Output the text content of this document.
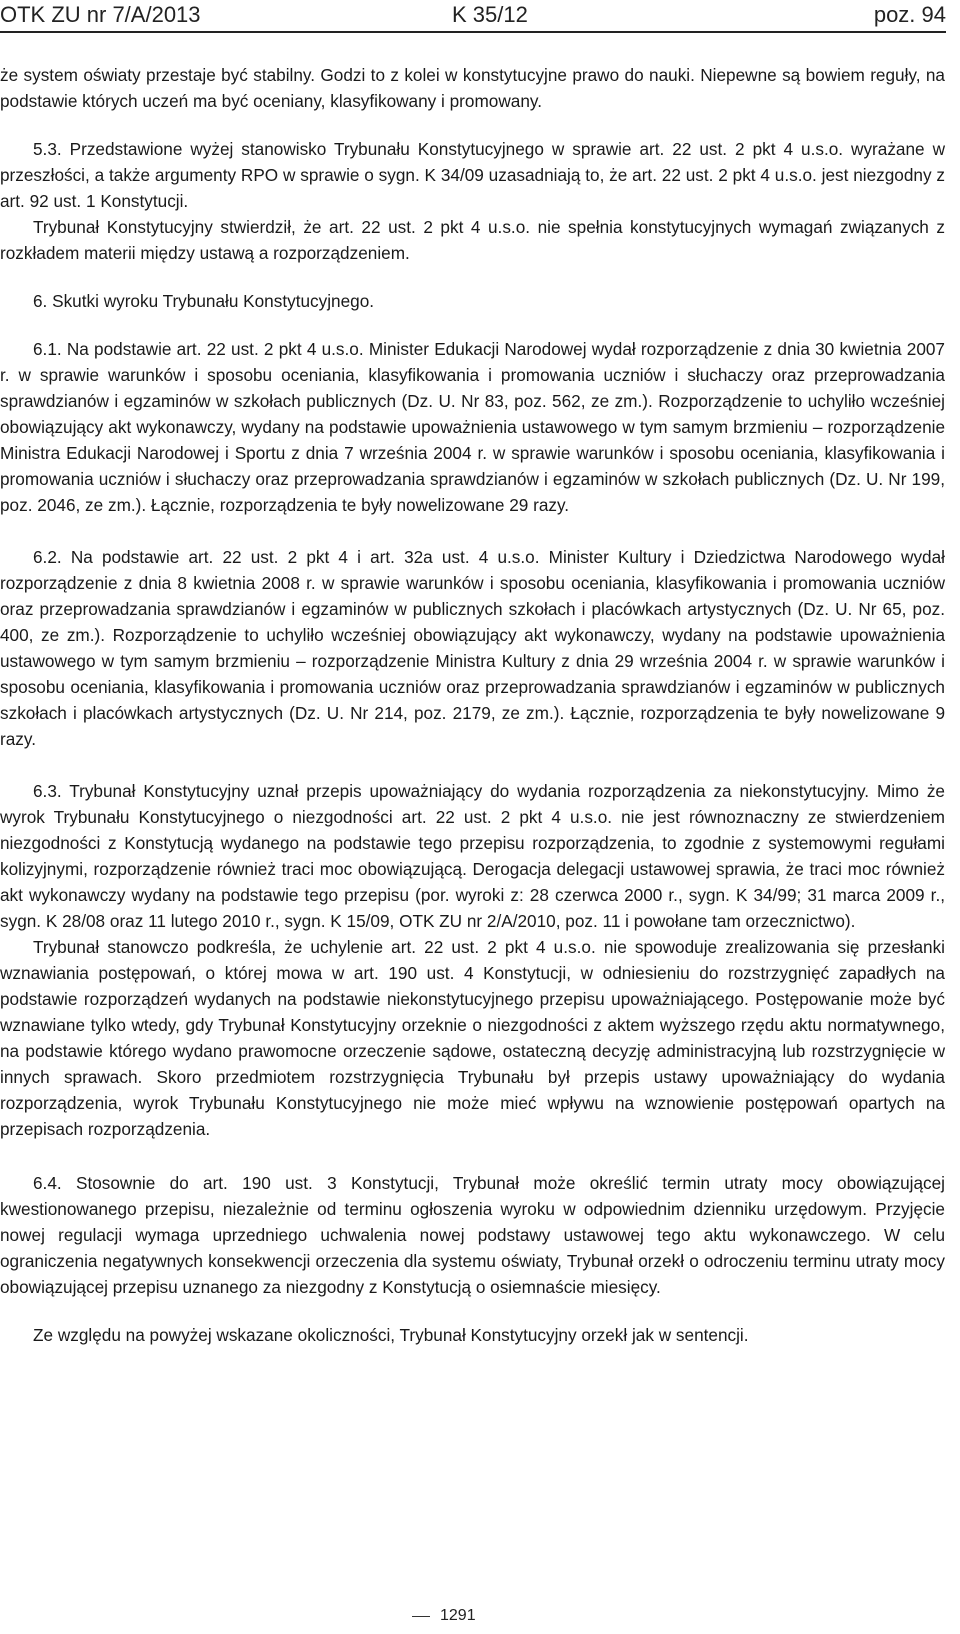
OTK ZU nr 7/A/2013	K 35/12	poz. 94

że system oświaty przestaje być stabilny. Godzi to z kolei w konstytucyjne prawo do nauki. Niepewne są bowiem reguły, na podstawie których uczeń ma być oceniany, klasyfikowany i promowany.

5.3. Przedstawione wyżej stanowisko Trybunału Konstytucyjnego w sprawie art. 22 ust. 2 pkt 4 u.s.o. wyrażane w przeszłości, a także argumenty RPO w sprawie o sygn. K 34/09 uzasadniają to, że art. 22 ust. 2 pkt 4 u.s.o. jest niezgodny z art. 92 ust. 1 Konstytucji.

Trybunał Konstytucyjny stwierdził, że art. 22 ust. 2 pkt 4 u.s.o. nie spełnia konstytucyjnych wymagań związanych z rozkładem materii między ustawą a rozporządzeniem.

6. Skutki wyroku Trybunału Konstytucyjnego.

6.1. Na podstawie art. 22 ust. 2 pkt 4 u.s.o. Minister Edukacji Narodowej wydał rozporządzenie z dnia 30 kwietnia 2007 r. w sprawie warunków i sposobu oceniania, klasyfikowania i promowania uczniów i słuchaczy oraz przeprowadzania sprawdzianów i egzaminów w szkołach publicznych (Dz. U. Nr 83, poz. 562, ze zm.). Rozporządzenie to uchyliło wcześniej obowiązujący akt wykonawczy, wydany na podstawie upoważnienia ustawowego w tym samym brzmieniu – rozporządzenie Ministra Edukacji Narodowej i Sportu z dnia 7 września 2004 r. w sprawie warunków i sposobu oceniania, klasyfikowania i promowania uczniów i słuchaczy oraz przeprowadzania sprawdzianów i egzaminów w szkołach publicznych (Dz. U. Nr 199, poz. 2046, ze zm.). Łącznie, rozporządzenia te były nowelizowane 29 razy.

6.2. Na podstawie art. 22 ust. 2 pkt 4 i art. 32a ust. 4 u.s.o. Minister Kultury i Dziedzictwa Narodowego wydał rozporządzenie z dnia 8 kwietnia 2008 r. w sprawie warunków i sposobu oceniania, klasyfikowania i promowania uczniów oraz przeprowadzania sprawdzianów i egzaminów w publicznych szkołach i placówkach artystycznych (Dz. U. Nr 65, poz. 400, ze zm.). Rozporządzenie to uchyliło wcześniej obowiązujący akt wykonawczy, wydany na podstawie upoważnienia ustawowego w tym samym brzmieniu – rozporządzenie Ministra Kultury z dnia 29 września 2004 r. w sprawie warunków i sposobu oceniania, klasyfikowania i promowania uczniów oraz przeprowadzania sprawdzianów i egzaminów w publicznych szkołach i placówkach artystycznych (Dz. U. Nr 214, poz. 2179, ze zm.). Łącznie, rozporządzenia te były nowelizowane 9 razy.

6.3. Trybunał Konstytucyjny uznał przepis upoważniający do wydania rozporządzenia za niekonstytucyjny. Mimo że wyrok Trybunału Konstytucyjnego o niezgodności art. 22 ust. 2 pkt 4 u.s.o. nie jest równoznaczny ze stwierdzeniem niezgodności z Konstytucją wydanego na podstawie tego przepisu rozporządzenia, to zgodnie z systemowymi regułami kolizyjnymi, rozporządzenie również traci moc obowiązującą. Derogacja delegacji ustawowej sprawia, że traci moc również akt wykonawczy wydany na podstawie tego przepisu (por. wyroki z: 28 czerwca 2000 r., sygn. K 34/99; 31 marca 2009 r., sygn. K 28/08 oraz 11 lutego 2010 r., sygn. K 15/09, OTK ZU nr 2/A/2010, poz. 11 i powołane tam orzecznictwo).

Trybunał stanowczo podkreśla, że uchylenie art. 22 ust. 2 pkt 4 u.s.o. nie spowoduje zrealizowania się przesłanki wznawiania postępowań, o której mowa w art. 190 ust. 4 Konstytucji, w odniesieniu do rozstrzygnięć zapadłych na podstawie rozporządzeń wydanych na podstawie niekonstytucyjnego przepisu upoważniającego. Postępowanie może być wznawiane tylko wtedy, gdy Trybunał Konstytucyjny orzeknie o niezgodności z aktem wyższego rzędu aktu normatywnego, na podstawie którego wydano prawomocne orzeczenie sądowe, ostateczną decyzję administracyjną lub rozstrzygnięcie w innych sprawach. Skoro przedmiotem rozstrzygnięcia Trybunału był przepis ustawy upoważniający do wydania rozporządzenia, wyrok Trybunału Konstytucyjnego nie może mieć wpływu na wznowienie postępowań opartych na przepisach rozporządzenia.

6.4. Stosownie do art. 190 ust. 3 Konstytucji, Trybunał może określić termin utraty mocy obowiązującej kwestionowanego przepisu, niezależnie od terminu ogłoszenia wyroku w odpowiednim dzienniku urzędowym. Przyjęcie nowej regulacji wymaga uprzedniego uchwalenia nowej podstawy ustawowej tego aktu wykonawczego. W celu ograniczenia negatywnych konsekwencji orzeczenia dla systemu oświaty, Trybunał orzekł o odroczeniu terminu utraty mocy obowiązującej przepisu uznanego za niezgodny z Konstytucją o osiemnaście miesięcy.

Ze względu na powyżej wskazane okoliczności, Trybunał Konstytucyjny orzekł jak w sentencji.

1291
